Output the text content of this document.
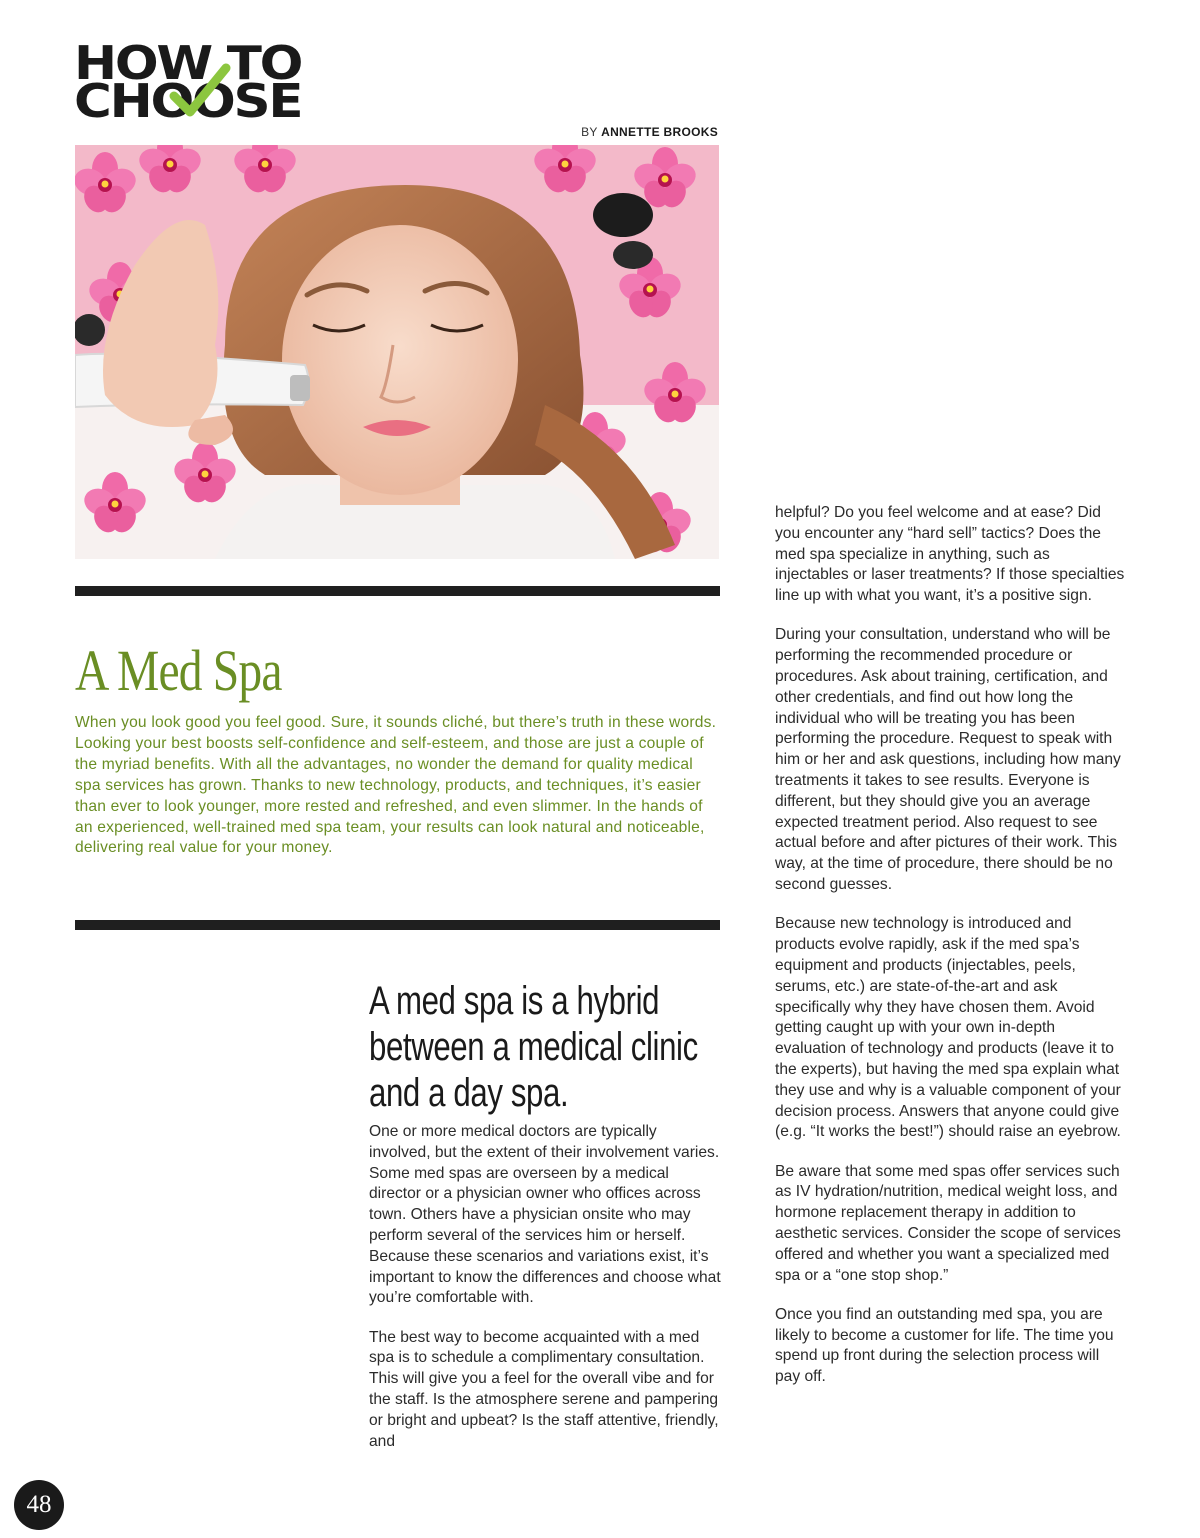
HOW TO
CHOOSE
BY ANNETTE BROOKS
A Med Spa

When you look good you feel good. Sure, it sounds cliché, but there’s truth in these words. Looking your best boosts self-confidence and self-esteem, and those are just a couple of the myriad benefits. With all the advantages, no wonder the demand for quality medical spa services has grown. Thanks to new technology, products, and techniques, it’s easier than ever to look younger, more rested and refreshed, and even slimmer. In the hands of an experienced, well-trained med spa team, your results can look natural and noticeable, delivering real value for your money.

A med spa is a hybrid between a medical clinic and a day spa.

One or more medical doctors are typically involved, but the extent of their involvement varies. Some med spas are overseen by a medical director or a physician owner who offices across town. Others have a physician onsite who may perform several of the services him or herself. Because these scenarios and variations exist, it’s important to know the differences and choose what you’re comfortable with.

The best way to become acquainted with a med spa is to schedule a complimentary consultation. This will give you a feel for the overall vibe and for the staff. Is the atmosphere serene and pampering or bright and upbeat? Is the staff attentive, friendly, and

helpful? Do you feel welcome and at ease? Did you encounter any “hard sell” tactics? Does the med spa specialize in anything, such as injectables or laser treatments? If those specialties line up with what you want, it’s a positive sign.

During your consultation, understand who will be performing the recommended procedure or procedures. Ask about training, certification, and other credentials, and find out how long the individual who will be treating you has been performing the procedure. Request to speak with him or her and ask questions, including how many treatments it takes to see results. Everyone is different, but they should give you an average expected treatment period. Also request to see actual before and after pictures of their work. This way, at the time of procedure, there should be no second guesses.

Because new technology is introduced and products evolve rapidly, ask if the med spa’s equipment and products (injectables, peels, serums, etc.) are state-of-the-art and ask specifically why they have chosen them. Avoid getting caught up with your own in-depth evaluation of technology and products (leave it to the experts), but having the med spa explain what they use and why is a valuable component of your decision process. Answers that anyone could give (e.g. “It works the best!”) should raise an eyebrow.

Be aware that some med spas offer services such as IV hydration/nutrition, medical weight loss, and hormone replacement therapy in addition to aesthetic services. Consider the scope of services offered and whether you want a specialized med spa or a “one stop shop.”

Once you find an outstanding med spa, you are likely to become a customer for life. The time you spend up front during the selection process will pay off.

48
